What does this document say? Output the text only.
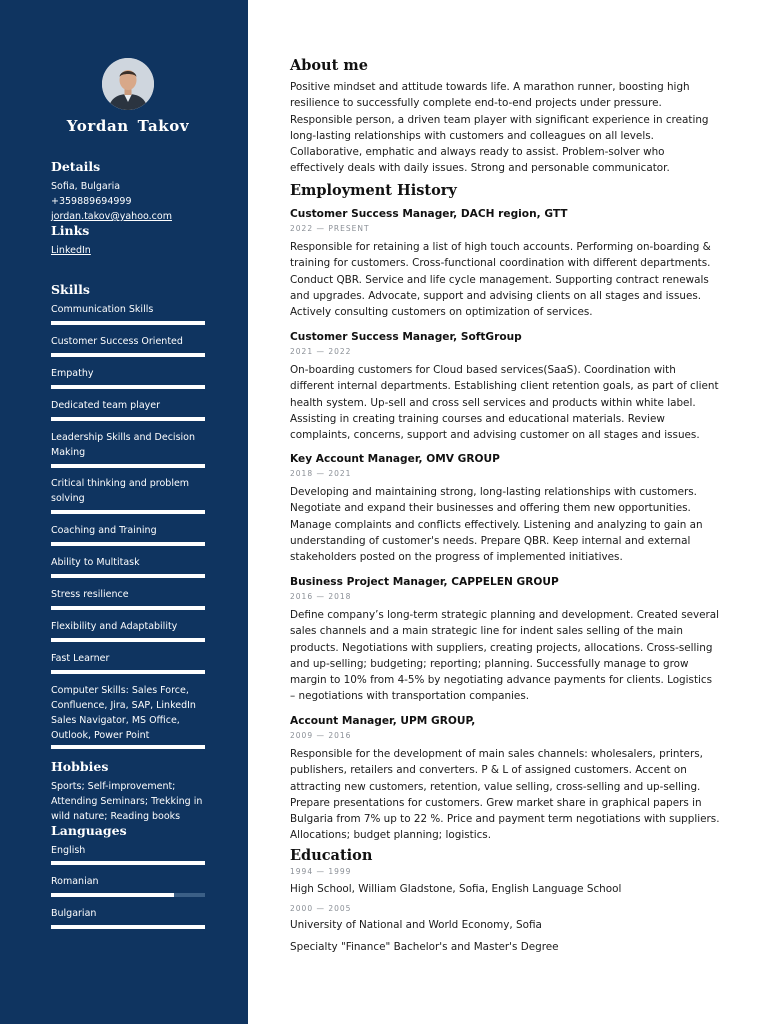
Yordan Takov
Details
Sofia, Bulgaria
+359889694999
jordan.takov@yahoo.com
Links
LinkedIn
Skills
Communication Skills
Customer Success Oriented
Empathy
Dedicated team player
Leadership Skills and Decision Making
Critical thinking and problem solving
Coaching and Training
Ability to Multitask
Stress resilience
Flexibility and Adaptability
Fast Learner
Computer Skills: Sales Force, Confluence, Jira, SAP, LinkedIn Sales Navigator, MS Office, Outlook, Power Point
Hobbies
Sports; Self-improvement; Attending Seminars; Trekking in wild nature; Reading books
Languages
English
Romanian
Bulgarian
About me
Positive mindset and attitude towards life. A marathon runner, boosting high resilience to successfully complete end-to-end projects under pressure. Responsible person, a driven team player with significant experience in creating long-lasting relationships with customers and colleagues on all levels. Collaborative, emphatic and always ready to assist. Problem-solver who effectively deals with daily issues. Strong and personable communicator.
Employment History
Customer Success Manager, DACH region, GTT
2022 — PRESENT
Responsible for retaining a list of high touch accounts. Performing on-boarding & training for customers. Cross-functional coordination with different departments. Conduct QBR. Service and life cycle management. Supporting contract renewals and upgrades. Advocate, support and advising clients on all stages and issues. Actively consulting customers on optimization of services.
Customer Success Manager, SoftGroup
2021 — 2022
On-boarding customers for Cloud based services(SaaS). Coordination with different internal departments. Establishing client retention goals, as part of client health system. Up-sell and cross sell services and products within white label. Assisting in creating training courses and educational materials. Review complaints, concerns, support and advising customer on all stages and issues.
Key Account Manager, OMV GROUP
2018 — 2021
Developing and maintaining strong, long-lasting relationships with customers. Negotiate and expand their businesses and offering them new opportunities. Manage complaints and conflicts effectively. Listening and analyzing to gain an understanding of customer's needs. Prepare QBR. Keep internal and external stakeholders posted on the progress of implemented initiatives.
Business Project Manager, CAPPELEN GROUP
2016 — 2018
Define company’s long-term strategic planning and development. Created several sales channels and a main strategic line for indent sales selling of the main products. Negotiations with suppliers, creating projects, allocations. Cross-selling and up-selling; budgeting; reporting; planning. Successfully manage to grow margin to 10% from 4-5% by negotiating advance payments for clients. Logistics – negotiations with transportation companies.
Account Manager, UPM GROUP,
2009 — 2016
Responsible for the development of main sales channels: wholesalers, printers, publishers, retailers and converters. P & L of assigned customers. Accent on attracting new customers, retention, value selling, cross-selling and up-selling. Prepare presentations for customers. Grew market share in graphical papers in Bulgaria from 7% up to 22 %. Price and payment term negotiations with suppliers. Allocations; budget planning; logistics.
Education
1994 — 1999
High School, William Gladstone, Sofia, English Language School
2000 — 2005
University of National and World Economy, Sofia
Specialty "Finance" Bachelor's and Master's Degree
